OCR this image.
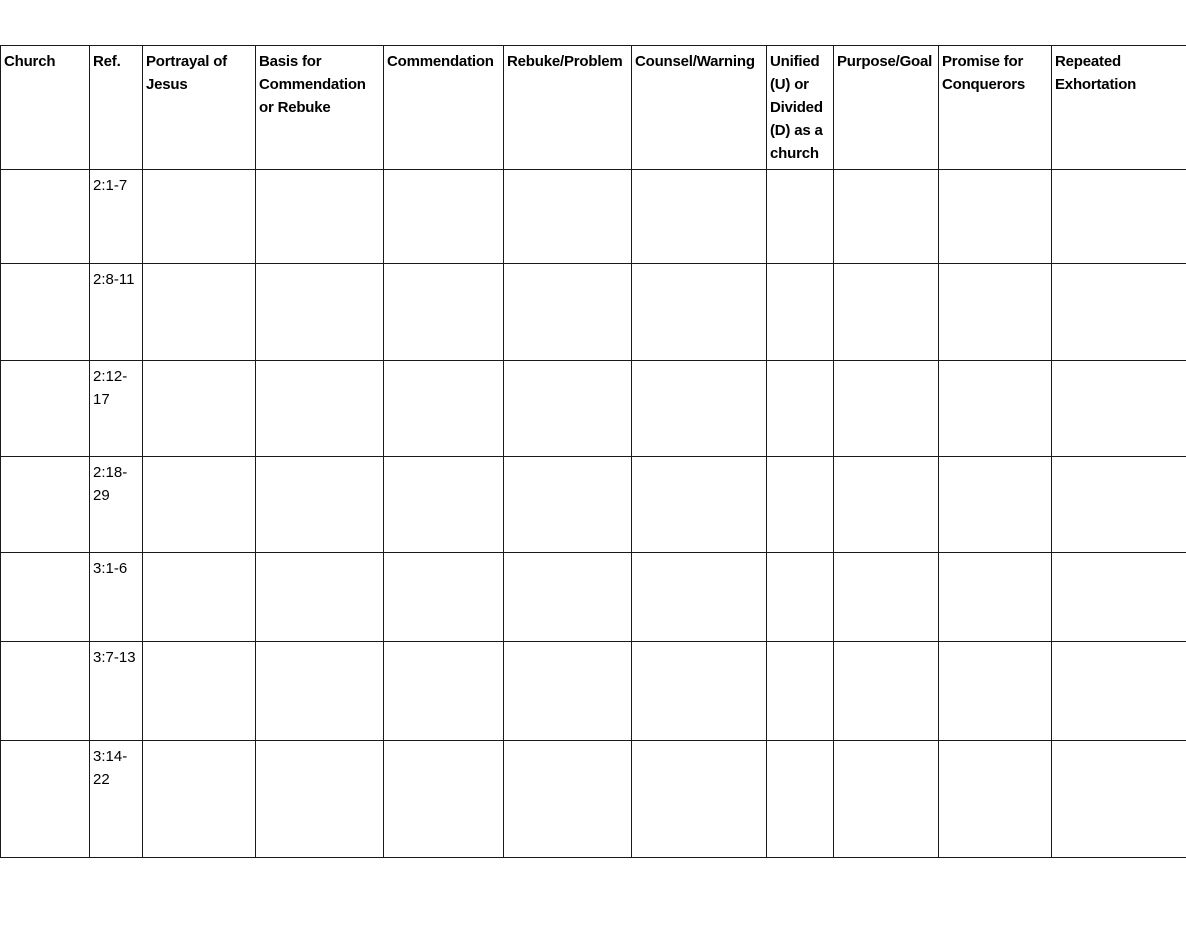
Church	Ref.	Portrayal of Jesus	Basis for Commendation or Rebuke	Commendation	Rebuke/Problem	Counsel/Warning	Unified (U) or Divided (D) as a church	Purpose/Goal	Promise for Conquerors	Repeated Exhortation
	2:1-7									
	2:8-11									
	2:12-17									
	2:18-29									
	3:1-6									
	3:7-13									
	3:14-22									
